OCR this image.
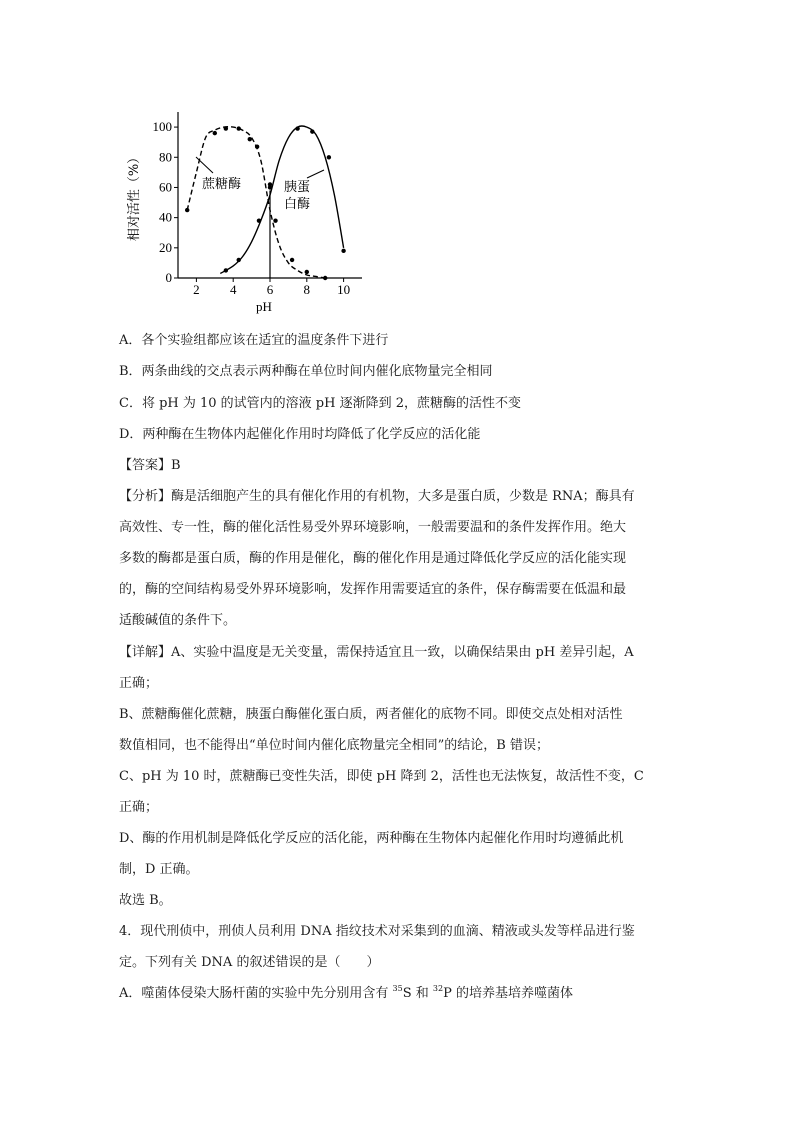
0
20
40
60
80
100
2 4 6 8 10
相对活性（%）
pH
蔗糖酶	胰蛋
白酶
A．各个实验组都应该在适宜的温度条件下进行
B．两条曲线的交点表示两种酶在单位时间内催化底物量完全相同
C．将 pH 为 10 的试管内的溶液 pH 逐渐降到 2，蔗糖酶的活性不变
D．两种酶在生物体内起催化作用时均降低了化学反应的活化能
【答案】B
【分析】酶是活细胞产生的具有催化作用的有机物，大多是蛋白质，少数是 RNA；酶具有
高效性、专一性，酶的催化活性易受外界环境影响，一般需要温和的条件发挥作用。绝大
多数的酶都是蛋白质，酶的作用是催化，酶的催化作用是通过降低化学反应的活化能实现
的，酶的空间结构易受外界环境影响，发挥作用需要适宜的条件，保存酶需要在低温和最
适酸碱值的条件下。
【详解】A、实验中温度是无关变量，需保持适宜且一致，以确保结果由 pH 差异引起，A
正确；
B、蔗糖酶催化蔗糖，胰蛋白酶催化蛋白质，两者催化的底物不同。即使交点处相对活性
数值相同，也不能得出“单位时间内催化底物量完全相同”的结论，B 错误；
C、pH 为 10 时，蔗糖酶已变性失活，即使 pH 降到 2，活性也无法恢复，故活性不变，C
正确；
D、酶的作用机制是降低化学反应的活化能，两种酶在生物体内起催化作用时均遵循此机
制，D 正确。
故选 B。
4．现代刑侦中，刑侦人员利用 DNA 指纹技术对采集到的血滴、精液或头发等样品进行鉴
定。下列有关 DNA 的叙述错误的是（　　）
A．噬菌体侵染大肠杆菌的实验中先分别用含有 $^{35}$S 和 $^{32}$P 的培养基培养噬菌体
